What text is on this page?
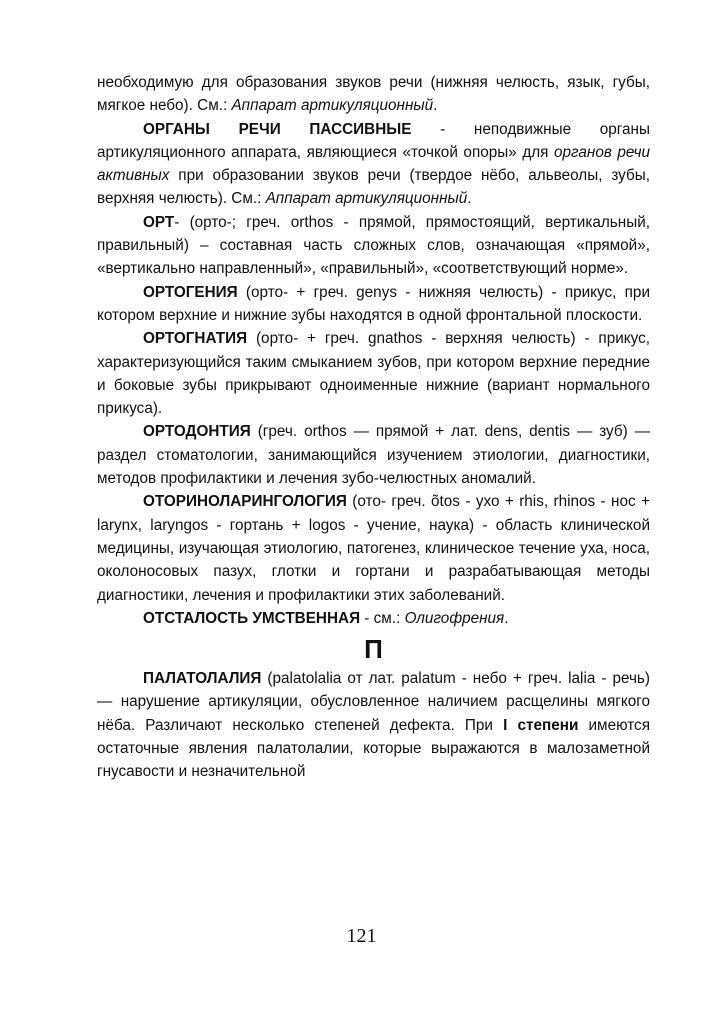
необходимую для образования звуков речи (нижняя челюсть, язык, губы, мягкое небо). См.: Аппарат артикуляционный.

ОРГАНЫ РЕЧИ ПАССИВНЫЕ - неподвижные органы артикуляционного аппарата, являющиеся «точкой опоры» для органов речи активных при образовании звуков речи (твердое нёбо, альвеолы, зубы, верхняя челюсть). См.: Аппарат артикуляционный.

ОРТ- (орто-; греч. orthos - прямой, прямостоящий, вертикальный, правильный) – составная часть сложных слов, означающая «прямой», «вертикально направленный», «правильный», «соответствующий норме».

ОРТОГЕНИЯ (орто- + греч. genys - нижняя челюсть) - прикус, при котором верхние и нижние зубы находятся в одной фронтальной плоскости.

ОРТОГНАТИЯ (орто- + греч. gnathos - верхняя челюсть) - прикус, характеризующийся таким смыканием зубов, при котором верхние передние и боковые зубы прикрывают одноименные нижние (вариант нормального прикуса).

ОРТОДОНТИЯ (греч. orthos — прямой + лат. dens, dentis — зуб) — раздел стоматологии, занимающийся изучением этиологии, диагностики, методов профилактики и лечения зубо-челюстных аномалий.

ОТОРИНОЛАРИНГОЛОГИЯ (ото- греч. õtos - ухо + rhis, rhinos - нос + larynx, laryngos - гортань + logos - учение, наука) - область клинической медицины, изучающая этиологию, патогенез, клиническое течение уха, носа, околоносовых пазух, глотки и гортани и разрабатывающая методы диагностики, лечения и профилактики этих заболеваний.

ОТСТАЛОСТЬ УМСТВЕННАЯ - см.: Олигофрения.

П

ПАЛАТОЛАЛИЯ (palatolalia от лат. palatum - небо + греч. lalia - речь) — нарушение артикуляции, обусловленное наличием расщелины мягкого нёба. Различают несколько степеней дефекта. При I степени имеются остаточные явления палатолалии, которые выражаются в малозаметной гнусавости и незначительной

121
